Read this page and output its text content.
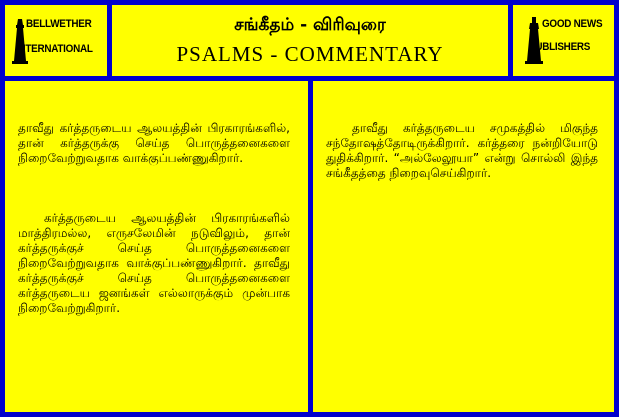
BELLWETHER
INTERNATIONAL
சங்கீதம் - விரிவுரை
PSALMS - COMMENTARY
GOOD NEWS
PUBLISHERS

தாவீது கர்த்தருடைய ஆலயத்தின் பிரகாரங்களில், தான் கர்த்தருக்கு செய்த பொருத்தனைகளை நிறைவேற்றுவதாக வாக்குப்பண்ணுகிறார்.

கர்த்தருடைய ஆலயத்தின் பிரகாரங்களில் மாத்திரமல்ல, எருசலேமின் நடுவிலும், தான் கர்த்தருக்குச் செய்த பொருத்தனைகளை நிறைவேற்றுவதாக வாக்குப்பண்ணுகிறார். தாவீது கர்த்தருக்குச் செய்த பொருத்தனைகளை கர்த்தருடைய ஜனங்கள் எல்லாருக்கும் முன்பாக நிறைவேற்றுகிறார்.

தாவீது கர்த்தருடைய சமுகத்தில் மிகுந்த சந்தோஷத்தோடிருக்கிறார். கர்த்தரை நன்றியோடு துதிக்கிறார். “அல்லேலூயா” என்று சொல்லி இந்த சங்கீதத்தை நிறைவுசெய்கிறார்.
